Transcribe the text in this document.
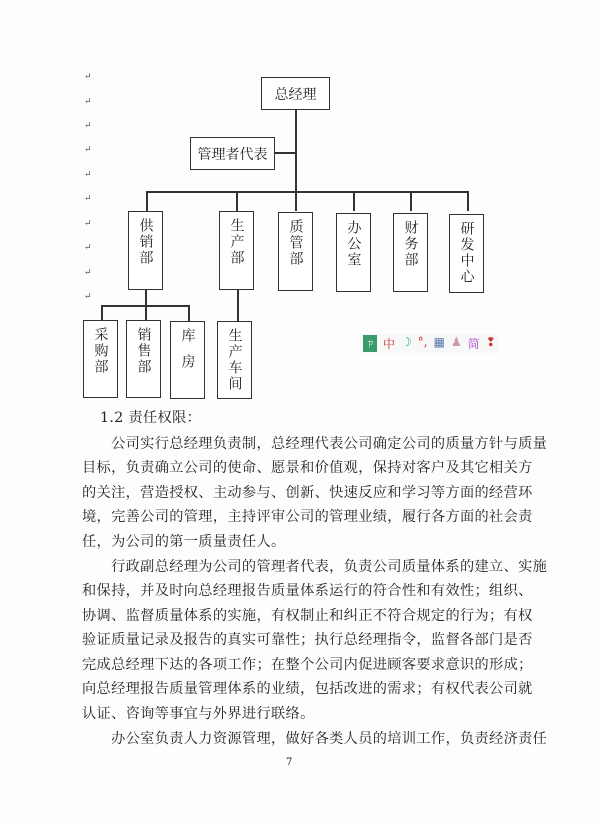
↵
↵
↵
↵
↵
↵
↵
↵
↵
↵
总经理
管理者代表
供销部	生产部	质管部	办公室	财务部	研发中心
采购部 销售部 库房 生产车间	ㄗ 中 ☽ °, ▦ ♟ 简 ❢
1.2 责任权限：
　　公司实行总经理负责制，总经理代表公司确定公司的质量方针与质量
目标，负责确立公司的使命、愿景和价值观，保持对客户及其它相关方
的关注，营造授权、主动参与、创新、快速反应和学习等方面的经营环
境，完善公司的管理，主持评审公司的管理业绩，履行各方面的社会责
任，为公司的第一质量责任人。
　　行政副总经理为公司的管理者代表，负责公司质量体系的建立、实施
和保持，并及时向总经理报告质量体系运行的符合性和有效性；组织、
协调、监督质量体系的实施，有权制止和纠正不符合规定的行为；有权
验证质量记录及报告的真实可靠性；执行总经理指令，监督各部门是否
完成总经理下达的各项工作；在整个公司内促进顾客要求意识的形成；
向总经理报告质量管理体系的业绩，包括改进的需求；有权代表公司就
认证、咨询等事宜与外界进行联络。
　　办公室负责人力资源管理，做好各类人员的培训工作，负责经济责任
7
